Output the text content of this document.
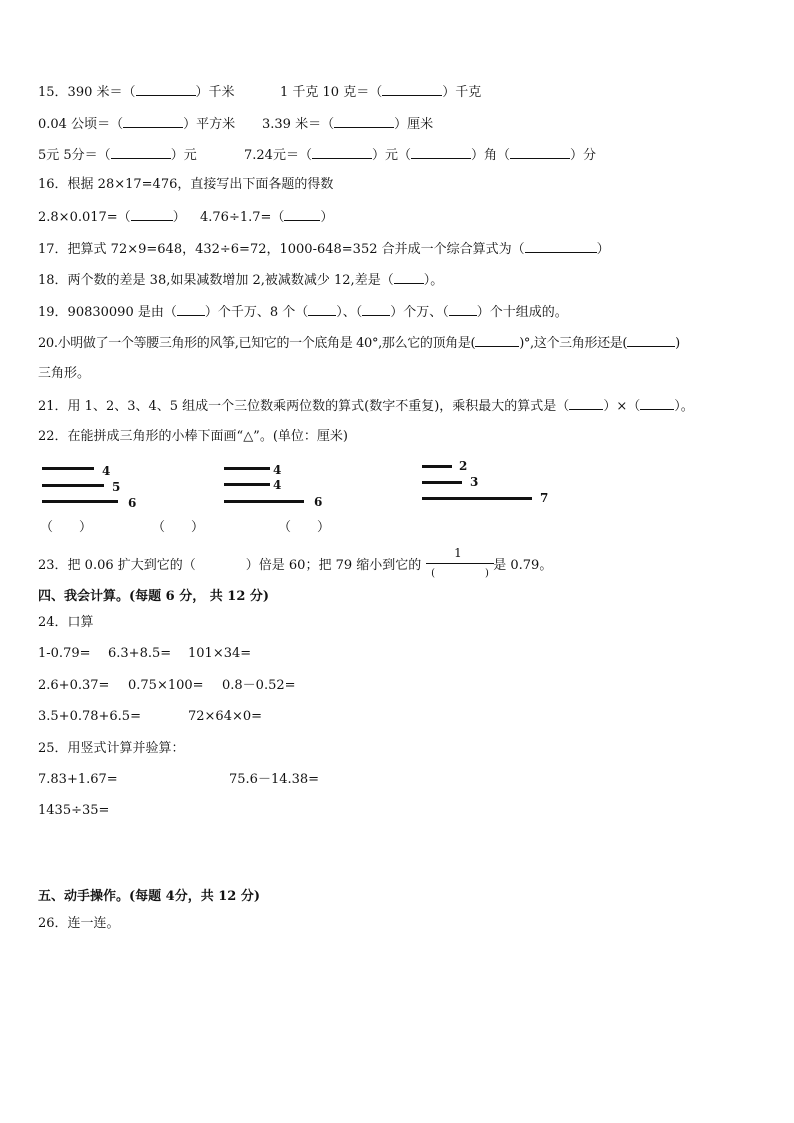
15．390 米＝（	）千米	1 千克 10 克＝（	）千克
0.04 公顷＝（	）平方米 3.39 米＝（	）厘米
5元 5分＝（	）元	7.24元＝（	）元（	）角（	）分
16．根据 28×17=476，直接写出下面各题的得数
2.8×0.017=（	） 4.76÷1.7=（	）
17．把算式 72×9=648，432÷6=72，1000-648=352 合并成一个综合算式为（	）
18．两个数的差是 38,如果减数增加 2,被减数减少 12,差是（ ）。
19．90830090 是由（ ）个千万、8 个（ ）、（ ）个万、（ ）个十组成的。
20.小明做了一个等腰三角形的风筝,已知它的一个底角是 40°,那么它的顶角是(	)°,这个三角形还是(	)
三角形。
21．用 1、2、3、4、5 组成一个三位数乘两位数的算式(数字不重复)，乘积最大的算式是（	）×（	）。
22．在能拼成三角形的小棒下面画“△”。(单位：厘米)
4
5
6
4
4
6
2
3
7
（ ）	（ ）	（ ）
23．把 0.06 扩大到它的（	）倍是 60；把 79 缩小到它的	是 0.79。
1
(　　　　　)
四、我会计算。(每题 6 分， 共 12 分)
24．口算
1-0.79= 6.3+8.5= 101×34=
2.6+0.37= 0.75×100= 0.8－0.52=
3.5+0.78+6.5=	72×64×0=
25．用竖式计算并验算：
7.83+1.67=	75.6－14.38=
1435÷35=
五、动手操作。(每题 4分，共 12 分)
26．连一连。
